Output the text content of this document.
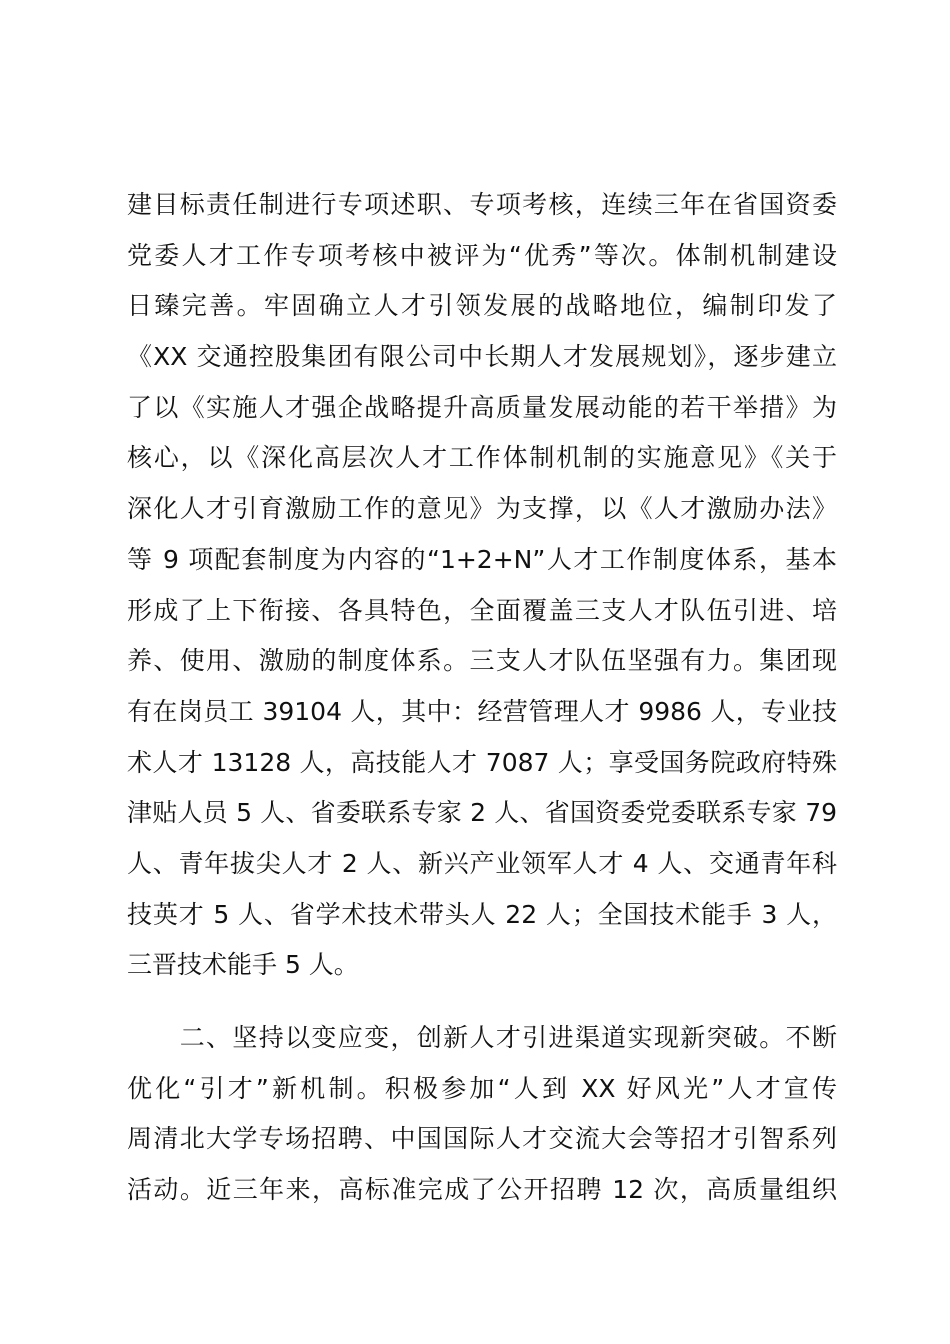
建目标责任制进行专项述职、专项考核，连续三年在省国资委
党委人才工作专项考核中被评为“优秀”等次。体制机制建设
日臻完善。牢固确立人才引领发展的战略地位，编制印发了
《XX 交通控股集团有限公司中长期人才发展规划》，逐步建立
了以《实施人才强企战略提升高质量发展动能的若干举措》为
核心，以《深化高层次人才工作体制机制的实施意见》《关于
深化人才引育激励工作的意见》为支撑，以《人才激励办法》
等 9 项配套制度为内容的“1+2+N”人才工作制度体系，基本
形成了上下衔接、各具特色，全面覆盖三支人才队伍引进、培
养、使用、激励的制度体系。三支人才队伍坚强有力。集团现
有在岗员工 39104 人，其中：经营管理人才 9986 人，专业技
术人才 13128 人，高技能人才 7087 人；享受国务院政府特殊
津贴人员 5 人、省委联系专家 2 人、省国资委党委联系专家 79
人、青年拔尖人才 2 人、新兴产业领军人才 4 人、交通青年科
技英才 5 人、省学术技术带头人 22 人；全国技术能手 3 人，
三晋技术能手 5 人。
　　二、坚持以变应变，创新人才引进渠道实现新突破。不断
优化“引才”新机制。积极参加“人到 XX 好风光”人才宣传
周清北大学专场招聘、中国国际人才交流大会等招才引智系列
活动。近三年来，高标准完成了公开招聘 12 次，高质量组织
